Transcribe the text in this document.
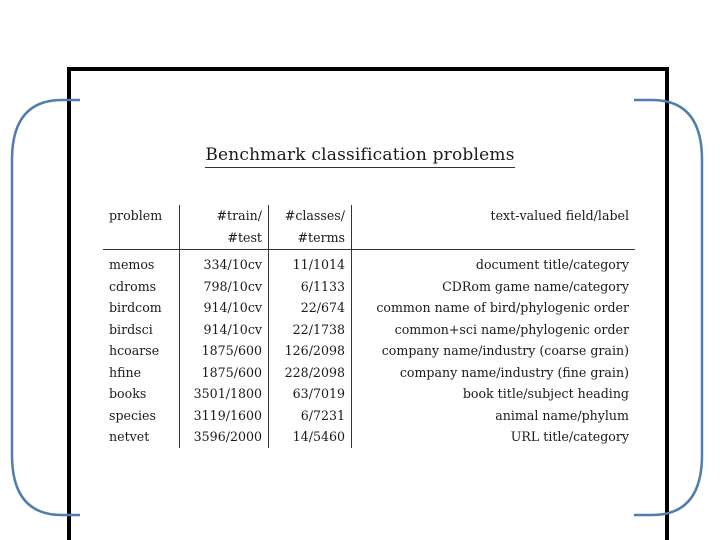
Benchmark classification problems
problem	#train/	#classes/	text-valued field/label
	#test	#terms	
memos	334/10cv	11/1014	document title/category
cdroms	798/10cv	6/1133	CDRom game name/category
birdcom	914/10cv	22/674	common name of bird/phylogenic order
birdsci	914/10cv	22/1738	common+sci name/phylogenic order
hcoarse	1875/600	126/2098	company name/industry (coarse grain)
hfine	1875/600	228/2098	company name/industry (fine grain)
books	3501/1800	63/7019	book title/subject heading
species	3119/1600	6/7231	animal name/phylum
netvet	3596/2000	14/5460	URL title/category
